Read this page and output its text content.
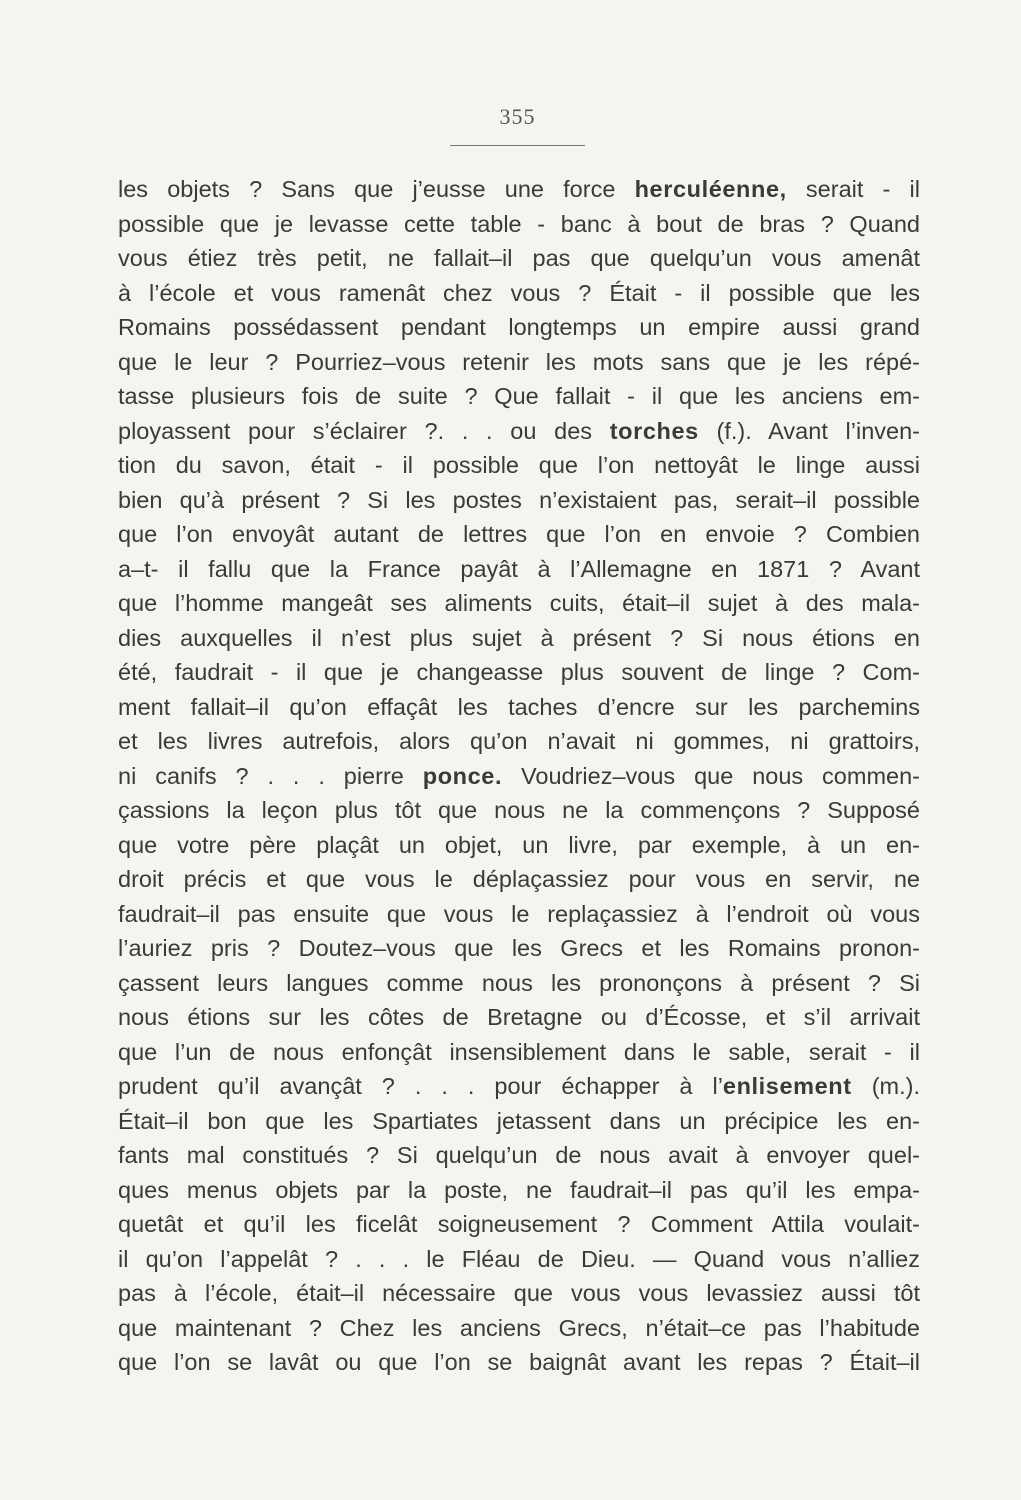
355
les objets ? Sans que j’eusse une force herculéenne, serait - il
possible que je levasse cette table - banc à bout de bras ? Quand
vous étiez très petit, ne fallait–il pas que quelqu’un vous amenât
à l’école et vous ramenât chez vous ? Était - il possible que les
Romains possédassent pendant longtemps un empire aussi grand
que le leur ? Pourriez–vous retenir les mots sans que je les répé-
tasse plusieurs fois de suite ? Que fallait - il que les anciens em-
ployassent pour s’éclairer ?. . . ou des torches (f.). Avant l’inven-
tion du savon, était - il possible que l’on nettoyât le linge aussi
bien qu’à présent ? Si les postes n’existaient pas, serait–il possible
que l’on envoyât autant de lettres que l’on en envoie ? Combien
a–t- il fallu que la France payât à l’Allemagne en 1871 ? Avant
que l’homme mangeât ses aliments cuits, était–il sujet à des mala-
dies auxquelles il n’est plus sujet à présent ? Si nous étions en
été, faudrait - il que je changeasse plus souvent de linge ? Com-
ment fallait–il qu’on effaçât les taches d’encre sur les parchemins
et les livres autrefois, alors qu’on n’avait ni gommes, ni grattoirs,
ni canifs ? . . . pierre ponce. Voudriez–vous que nous commen-
çassions la leçon plus tôt que nous ne la commençons ? Supposé
que votre père plaçât un objet, un livre, par exemple, à un en-
droit précis et que vous le déplaçassiez pour vous en servir, ne
faudrait–il pas ensuite que vous le replaçassiez à l’endroit où vous
l’auriez pris ? Doutez–vous que les Grecs et les Romains pronon-
çassent leurs langues comme nous les prononçons à présent ? Si
nous étions sur les côtes de Bretagne ou d’Écosse, et s’il arrivait
que l’un de nous enfonçât insensiblement dans le sable, serait - il
prudent qu’il avançât ? . . . pour échapper à l’enlisement (m.).
Était–il bon que les Spartiates jetassent dans un précipice les en-
fants mal constitués ? Si quelqu’un de nous avait à envoyer quel-
ques menus objets par la poste, ne faudrait–il pas qu’il les empa-
quetât et qu’il les ficelât soigneusement ? Comment Attila voulait-
il qu’on l’appelât ? . . . le Fléau de Dieu. — Quand vous n’alliez
pas à l’école, était–il nécessaire que vous vous levassiez aussi tôt
que maintenant ? Chez les anciens Grecs, n’était–ce pas l’habitude
que l’on se lavât ou que l’on se baignât avant les repas ? Était–il
